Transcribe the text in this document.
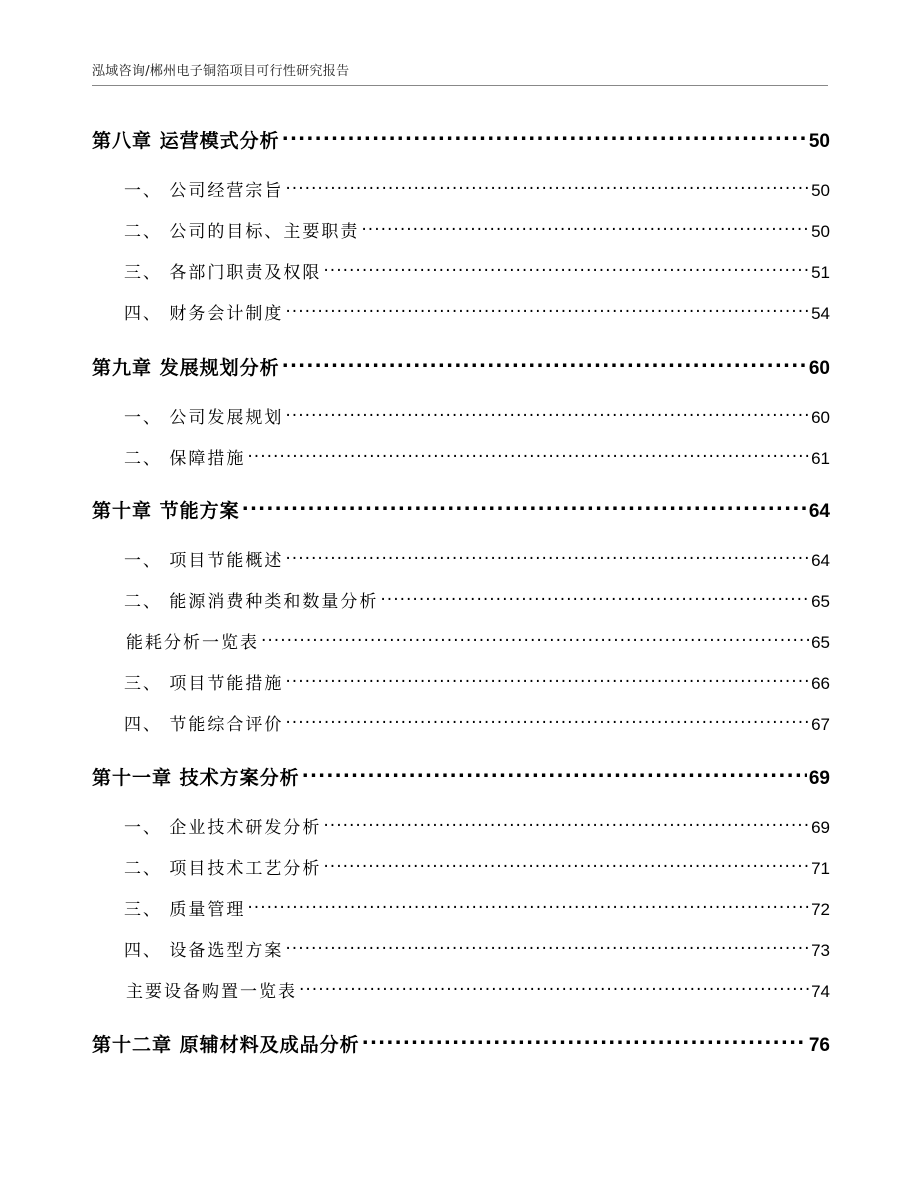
泓域咨询/郴州电子铜箔项目可行性研究报告
第八章 运营模式分析 .....	50
一、 公司经营宗旨 .....	50
二、 公司的目标、主要职责 .....	50
三、 各部门职责及权限 .....	51
四、 财务会计制度 .....	54
第九章 发展规划分析 .....	60
一、 公司发展规划 .....	60
二、 保障措施 .....	61
第十章 节能方案 .....	64
一、 项目节能概述 .....	64
二、 能源消费种类和数量分析 .....	65
能耗分析一览表 .....	65
三、 项目节能措施 .....	66
四、 节能综合评价 .....	67
第十一章 技术方案分析 .....	69
一、 企业技术研发分析 .....	69
二、 项目技术工艺分析 .....	71
三、 质量管理 .....	72
四、 设备选型方案 .....	73
主要设备购置一览表 .....	74
第十二章 原辅材料及成品分析 .....	76
